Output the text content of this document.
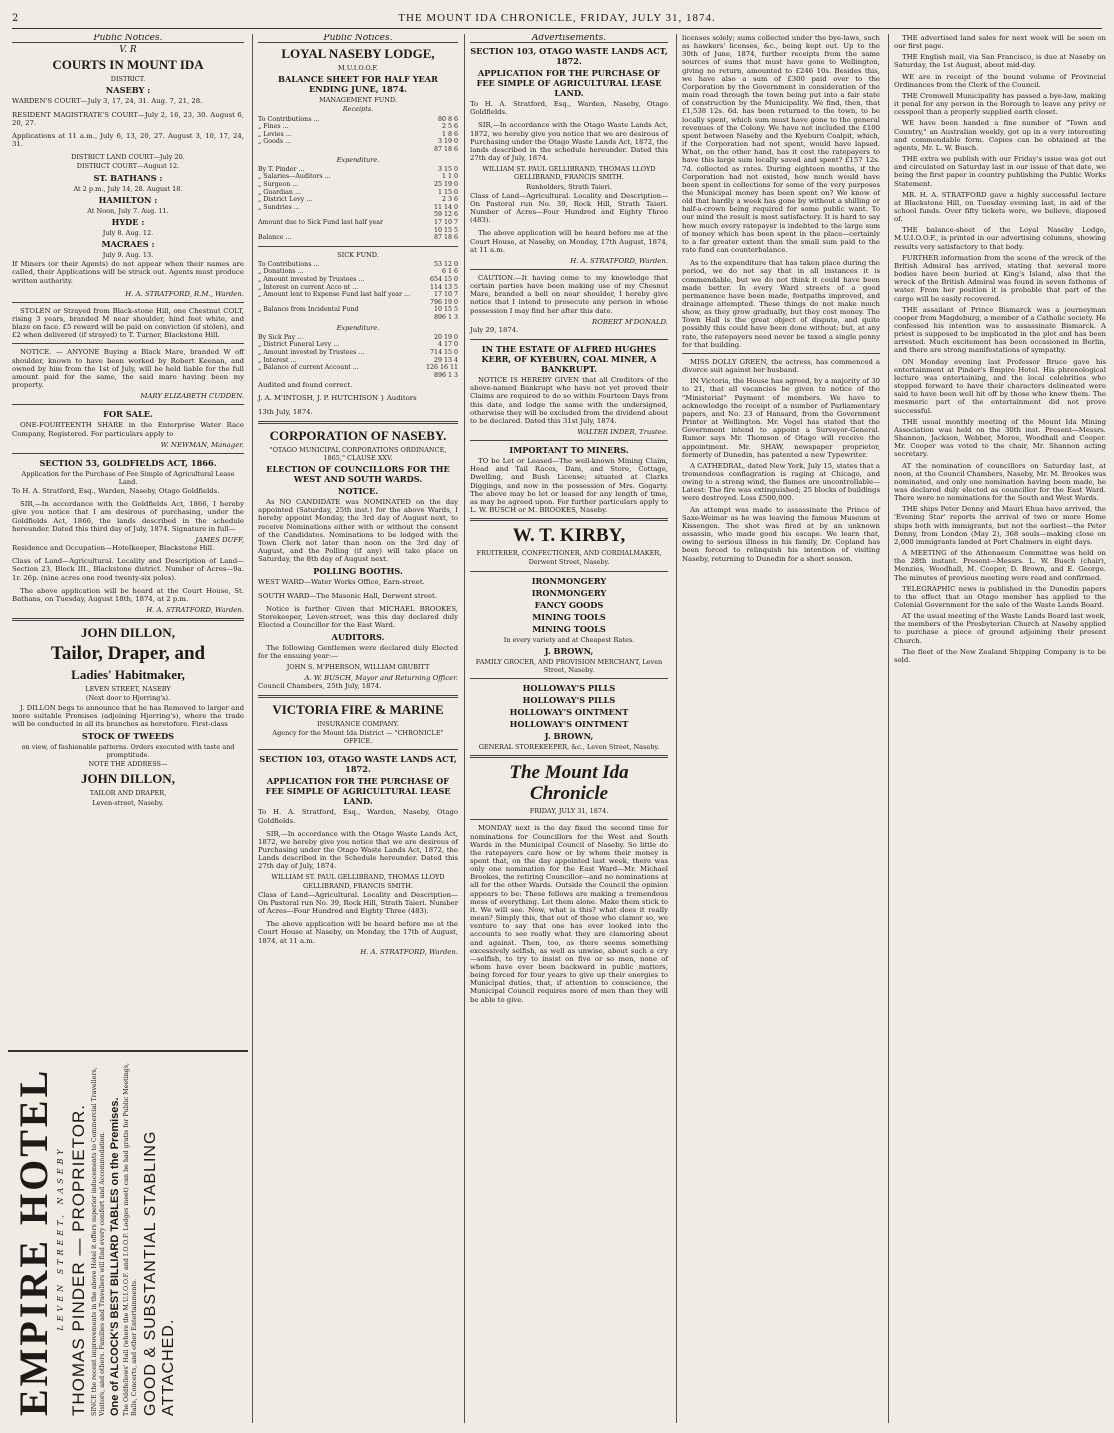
2	THE MOUNT IDA CHRONICLE, FRIDAY, JULY 31, 1874.
Public Notices.
V. R
COURTS IN MOUNT IDA
DISTRICT.
NASEBY :
WARDEN'S COURT—July 3, 17, 24, 31. Aug. 7, 21, 28.
RESIDENT MAGISTRATE'S COURT—July 2, 16, 23, 30. August 6, 20, 27.
Applications at 11 a.m., July 6, 13, 20, 27. August 3, 10, 17, 24, 31.
DISTRICT LAND COURT—July 20.
DISTRICT COURT—August 12.
ST. BATHANS :
At 2 p.m., July 14, 28. August 18.
HAMILTON :
At Noon, July 7. Aug. 11.
HYDE :
July 8. Aug. 12.
MACRAES :
July 9. Aug. 13.
If Miners (or their Agents) do not appear when their names are called, their Applications will be struck out. Agents must produce written authority.
H. A. STRATFORD, R.M., Warden.
STOLEN or Strayed from Black-stone Hill, one Chestnut COLT, rising 3 years, branded M near shoulder, hind feet white, and blaze on face. £5 reward will be paid on conviction (if stolen), and £2 when delivered (if strayed) to T. Turner, Blackstone Hill.
NOTICE. — ANYONE Buying a Black Mare, branded W off shoulder, known to have been worked by Robert Keenan, and owned by him from the 1st of July, will be held liable for the full amount paid for the same, the said mare having been my property.
MARY ELIZABETH CUDDEN.
FOR SALE.
ONE-FOURTEENTH SHARE in the Enterprise Water Race Company, Registered. For particulars apply to
W. NEWMAN, Manager.
SECTION 53, GOLDFIELDS ACT, 1866.
Application for the Purchase of Fee Simple of Agricultural Lease Land.
To H. A. Stratford, Esq., Warden, Naseby, Otago Goldfields.
SIR,—In accordance with the Goldfields Act, 1866, I hereby give you notice that I am desirous of purchasing, under the Goldfields Act, 1866, the lands described in the schedule hereunder. Dated this third day of July, 1874. Signature in full—
JAMES DUFF,
Residence and Occupation—Hotelkeeper, Blackstone Hill.
Class of Land—Agricultural. Locality and Description of Land—Section 23, Block III., Blackstone district. Number of Acres—9a. 1r. 26p. (nine acres one rood twenty-six poles).
The above application will be heard at the Court House, St. Bathans, on Tuesday, August 18th, 1874, at 2 p.m.
H. A. STRATFORD, Warden.
JOHN DILLON,
Tailor, Draper, and
Ladies' Habitmaker,
LEVEN STREET, NASEBY
(Next door to Hjorring's).
J. DILLON begs to announce that he has Removed to larger and more suitable Premises (adjoining Hjorring's), where the trade will be conducted in all its branches as heretofore. First-class
STOCK OF TWEEDS
on view, of fashionable patterns. Orders executed with taste and promptitude.
NOTE THE ADDRESS—
JOHN DILLON,
TAILOR AND DRAPER,
Leven-street, Naseby.
EMPIRE HOTEL LEVEN STREET, NASEBY THOMAS PINDER — PROPRIETOR. SINCE the recent improvements in the above Hotel it offers superior inducements to Commercial Travellers, Visitors, and others. Families and Travellers will find every comfort and Accommodation. One of ALCOCK'S BEST BILLIARD TABLES on the Premises. The Oddfellows' Hall (where the M.U.I.O.O.F. and I.O.O.F. Lodges meet) can be had gratis for Public Meetings, Balls, Concerts, and other Entertainments. GOOD & SUBSTANTIAL STABLING ATTACHED.
Public Notices.
LOYAL NASEBY LODGE,
M.U.I.O.O.F.
BALANCE SHEET FOR HALF YEAR ENDING JUNE, 1874.
MANAGEMENT FUND.
Receipts.
To Contributions ...	80 8 6
„ Fines ...	2 5 6
„ Levies ...	1 8 6
„ Goods ...	3 19 0
87 18 6
Expenditure.
By T. Pinder ...	3 15 0
„ Salaries—Auditors ...	1 1 0
„ Surgeon ...	25 19 0
„ Guardian ...	1 15 0
„ District Levy ...	2 3 6
„ Sundries ...	11 14 0
59 12 6
Amount due to Sick Fund last half year	17 10 7
10 15 5
Balance ...	87 18 6
SICK FUND.
To Contributions ...	53 12 0
„ Donations ...	6 1 6
„ Amount invested by Trustees ...	654 15 0
„ Interest on current Acco nt ...	114 13 5
„ Amount lent to Expense Fund last half year ...	17 10 7
796 19 0
„ Balance from Incidental Fund	10 15 5
896 1 3
Expenditure.
By Sick Pay ...	20 19 0
„ District Funeral Levy ...	4 17 0
„ Amount invested by Trustees ...	714 15 0
„ Interest ...	29 13 4
„ Balance of current Account ...	126 16 11
896 1 3
Audited and found correct.
J. A. M'INTOSH, J. P. HUTCHISON } Auditors
13th July, 1874.
CORPORATION OF NASEBY.
"OTAGO MUNICIPAL CORPORATIONS ORDINANCE, 1865," CLAUSE XXV.
ELECTION OF COUNCILLORS FOR THE WEST AND SOUTH WARDS.
NOTICE.
As NO CANDIDATE was NOMINATED on the day appointed (Saturday, 25th inst.) for the above Wards, I hereby appoint Monday, the 3rd day of August next, to receive Nominations either with or without the consent of the Candidates. Nominations to be lodged with the Town Clerk not later than noon on the 3rd day of August, and the Polling (if any) will take place on Saturday, the 8th day of August next.
POLLING BOOTHS.
WEST WARD—Water Works Office, Earn-street.
SOUTH WARD—The Masonic Hall, Derwent street.
Notice is further Given that MICHAEL BROOKES, Storekeeper, Leven-street, was this day declared duly Elected a Councillor for the East Ward.
AUDITORS.
The following Gentlemen were declared duly Elected for the ensuing year:—
JOHN S. M'PHERSON, WILLIAM GRUBITT
A. W. BUSCH, Mayor and Returning Officer.
Council Chambers, 25th July, 1874.
VICTORIA FIRE & MARINE
INSURANCE COMPANY.
Agency for the Mount Ida District — "CHRONICLE" OFFICE.
SECTION 103, OTAGO WASTE LANDS ACT, 1872.
APPLICATION FOR THE PURCHASE OF FEE SIMPLE OF AGRICULTURAL LEASE LAND.
To H. A. Stratford, Esq., Warden, Naseby, Otago Goldfields.
SIR,—In accordance with the Otago Waste Lands Act, 1872, we hereby give you notice that we are desirous of Purchasing under the Otago Waste Lands Act, 1872, the Lands described in the Schedule hereunder. Dated this 27th day of July, 1874.
WILLIAM ST. PAUL GELLIBRAND, THOMAS LLOYD GELLIBRAND, FRANCIS SMITH.
Class of Land—Agricultural. Locality and Description—On Pastoral run No. 39, Rock Hill, Strath Taieri. Number of Acres—Four Hundred and Eighty Three (483).
The above application will be heard before me at the Court House at Naseby, on Monday, the 17th of August, 1874, at 11 a.m.
H. A. STRATFORD, Warden.
Advertisements.
SECTION 103, OTAGO WASTE LANDS ACT, 1872.
APPLICATION FOR THE PURCHASE OF FEE SIMPLE OF AGRICULTURAL LEASE LAND.
To H. A. Stratford, Esq., Warden, Naseby, Otago Goldfields.
SIR,—In accordance with the Otago Waste Lands Act, 1872, we hereby give you notice that we are desirous of Purchasing under the Otago Waste Lands Act, 1872, the lands described in the schedule hereunder. Dated this 27th day of July, 1874.
WILLIAM ST. PAUL GELLIBRAND, THOMAS LLOYD GELLIBRAND, FRANCIS SMITH.
Runholders, Strath Taieri.
Class of Land—Agricultural. Locality and Description—On Pastoral run No. 39, Rock Hill, Strath Taieri. Number of Acres—Four Hundred and Eighty Three (483).
The above application will be heard before me at the Court House, at Naseby, on Monday, 17th August, 1874, at 11 a.m.
H. A. STRATFORD, Warden.
CAUTION.—It having come to my knowledge that certain parties have been making use of my Chesnut Mare, branded a bell on near shoulder, I hereby give notice that I intend to prosecute any person in whose possession I may find her after this date.
ROBERT M'DONALD.
July 29, 1874.
IN THE ESTATE OF ALFRED HUGHES KERR, OF KYEBURN, COAL MINER, A BANKRUPT.
NOTICE IS HEREBY GIVEN that all Creditors of the above-named Bankrupt who have not yet proved their Claims are required to do so within Fourteen Days from this date, and lodge the same with the undersigned, otherwise they will be excluded from the dividend about to be declared. Dated this 31st July, 1874.
WALTER INDER, Trustee.
IMPORTANT TO MINERS.
TO be Let or Leased—The well-known Mining Claim, Head and Tail Races, Dam, and Store, Cottage, Dwelling, and Bush License; situated at Clarks Diggings, and now in the possession of Mrs. Gogarty. The above may be let or leased for any length of time, as may be agreed upon. For further particulars apply to L. W. BUSCH or M. BROOKES, Naseby.
W. T. KIRBY,
FRUITERER, CONFECTIONER, AND CORDIALMAKER,
Derwent Street, Naseby.
IRONMONGERY
IRONMONGERY
FANCY GOODS
MINING TOOLS
MINING TOOLS
In every variety and at Cheapest Rates.
J. BROWN,
FAMILY GROCER, AND PROVISION MERCHANT, Leven Street, Naseby.
HOLLOWAY'S PILLS
HOLLOWAY'S PILLS
HOLLOWAY'S OINTMENT
HOLLOWAY'S OINTMENT
J. BROWN,
GENERAL STOREKEEPER, &c., Leven Street, Naseby.
The Mount Ida Chronicle
FRIDAY, JULY 31, 1874.
MONDAY next is the day fixed the second time for nominations for Councillors for the West and South Wards in the Municipal Council of Naseby. So little do the ratepayers care how or by whom their money is spent that, on the day appointed last week, there was only one nomination for the East Ward—Mr. Michael Brookes, the retiring Councillor—and no nominations at all for the other Wards. Outside the Council the opinion appears to be: These fellows are making a tremendous mess of everything. Let them alone. Make them stick to it. We will see. Now, what is this? what does it really mean? Simply this, that out of those who clamor so, we venture to say that one has ever looked into the accounts to see really what they are clamoring about and against. Then, too, as there seems something excessively selfish, as well as unwise, about such a cry—selfish, to try to insist on five or so men, none of whom have ever been backward in public matters, being forced for four years to give up their energies to Municipal duties, that, if attention to conscience, the Municipal Council requires more of men than they will be able to give.
licenses solely; sums collected under the bye-laws, such as hawkers' licenses, &c., being kept out. Up to the 30th of June, 1874, further receipts from the same sources of sums that must have gone to Wellington, giving no return, amounted to £246 10s. Besides this, we have also a sum of £300 paid over to the Corporation by the Government in consideration of the main road through the town being put into a fair state of construction by the Municipality. We find, then, that £1,538 12s. 6d. has been returned to the town, to be locally spent, which sum must have gone to the general revenues of the Colony. We have not included the £100 spent between Naseby and the Kyeburn Coalpit, which, if the Corporation had not spent, would have lapsed. What, on the other hand, has it cost the ratepayers to have this large sum locally saved and spent? £157 12s. 7d. collected as rates. During eighteen months, if the Corporation had not existed, how much would have been spent in collections for some of the very purposes the Municipal money has been spent on? We know of old that hardly a week has gone by without a shilling or half-a-crown being required for some public want. To our mind the result is most satisfactory. It is hard to say how much every ratepayer is indebted to the large sum of money which has been spent in the place—certainly to a far greater extent than the small sum paid to the rate fund can counterbalance.
As to the expenditure that has taken place during the period, we do not say that in all instances it is commendable, but we do not think it could have been made better. In every Ward streets of a good permanence have been made, footpaths improved, and drainage attempted. These things do not make much show, as they grow gradually, but they cost money. The Town Hall is the great object of dispute, and quite possibly this could have been done without; but, at any rate, the ratepayers need never be taxed a single penny for that building.
MISS DOLLY GREEN, the actress, has commenced a divorce suit against her husband.
IN Victoria, the House has agreed, by a majority of 30 to 21, that all vacancies be given to notice of the "Ministerial" Payment of members. We have to acknowledge the receipt of a number of Parliamentary papers, and No. 23 of Hansard, from the Government Printer at Wellington. Mr. Vogel has stated that the Government intend to appoint a Surveyor-General. Rumor says Mr. Thomson of Otago will receive the appointment. Mr. SHAW, newspaper proprietor, formerly of Dunedin, has patented a new Typewriter.
A CATHEDRAL, dated New York, July 15, states that a tremendous conflagration is raging at Chicago, and owing to a strong wind, the flames are uncontrollable—Latest: The fire was extinguished; 25 blocks of buildings were destroyed. Loss £500,000.
An attempt was made to assassinate the Prince of Saxe-Weimar as he was leaving the famous Museum at Kissengen. The shot was fired at by an unknown assassin, who made good his escape. We learn that, owing to serious illness in his family, Dr. Copland has been forced to relinquish his intention of visiting Naseby, returning to Dunedin for a short season.
THE advertised land sales for next week will be seen on our first page.
THE English mail, via San Francisco, is due at Naseby on Saturday, the 1st August, about mid-day.
WE are in receipt of the bound volume of Provincial Ordinances from the Clerk of the Council.
THE Cromwell Municipality has passed a bye-law, making it penal for any person in the Borough to leave any privy or cesspool than a properly supplied earth closet.
WE have been handed a fine number of "Town and Country," an Australian weekly, got up in a very interesting and commendable form. Copies can be obtained at the agents, Mr. L. W. Busch.
THE extra we publish with our Friday's issue was got out and circulated on Saturday last in our issue of that date, we being the first paper in country publishing the Public Works Statement.
MR. H. A. STRATFORD gave a highly successful lecture at Blackstone Hill, on Tuesday evening last, in aid of the school funds. Over fifty tickets were, we believe, disposed of.
THE balance-sheet of the Loyal Naseby Lodge, M.U.I.O.O.F., is printed in our advertising columns, showing results very satisfactory to that body.
FURTHER information from the scene of the wreck of the British Admiral has arrived, stating that several more bodies have been buried at King's Island, also that the wreck of the British Admiral was found in seven fathoms of water. From her position it is probable that part of the cargo will be easily recovered.
THE assailant of Prince Bismarck was a journeyman cooper from Magdeburg, a member of a Catholic society. He confessed his intention was to assassinate Bismarck. A priest is supposed to be implicated in the plot and has been arrested. Much excitement has been occasioned in Berlin, and there are strong manifestations of sympathy.
ON Monday evening last Professor Bruce gave his entertainment at Pinder's Empire Hotel. His phrenological lecture was entertaining, and the local celebrities who stepped forward to have their characters delineated were said to have been well hit off by those who knew them. The mesmeric part of the entertainment did not prove successful.
THE usual monthly meeting of the Mount Ida Mining Association was held on the 30th inst. Present—Messrs. Shannon, Jackson, Webber, Moree, Woodhall and Cooper. Mr. Cooper was voted to the chair, Mr. Shannon acting secretary.
AT the nomination of councillors on Saturday last, at noon, at the Council Chambers, Naseby, Mr. M. Brookes was nominated, and only one nomination having been made, he was declared duly elected as councillor for the East Ward. There were no nominations for the South and West Wards.
THE ships Peter Denny and Mauri Ehua have arrived, the 'Evening Star' reports the arrival of two or more Home ships both with immigrants, but not the earliest—the Peter Denny, from London (May 2), 368 souls—making close on 2,000 immigrants landed at Port Chalmers in eight days.
A MEETING of the Athenaeum Committee was held on the 28th instant. Present—Messrs. L. W. Busch (chair), Menzies, Woodhall, M. Cooper, D. Brown, and E. George. The minutes of previous meeting were read and confirmed.
TELEGRAPHIC news is published in the Dunedin papers to the effect that an Otago member has applied to the Colonial Government for the sale of the Waste Lands Board.
AT the usual meeting of the Waste Lands Board last week, the members of the Presbyterian Church at Naseby applied to purchase a piece of ground adjoining their present Church.
The fleet of the New Zealand Shipping Company is to be sold.
